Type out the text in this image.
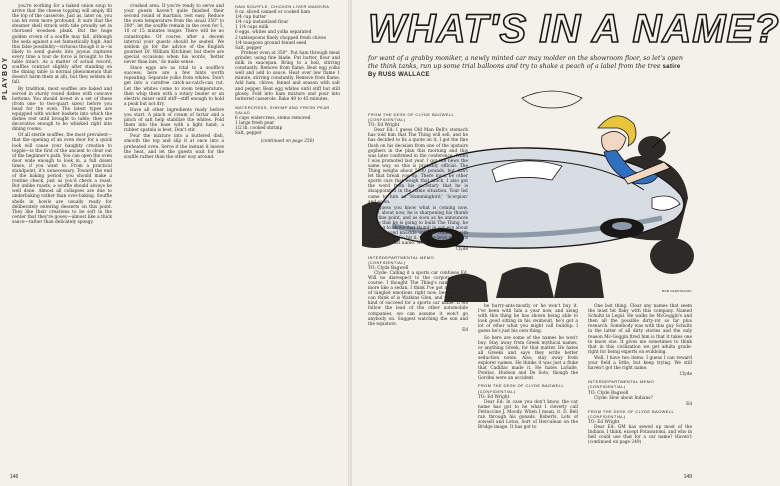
PLAYBOY

you're working for a baked onion soup to arrive that the cheese topping will amply fill the top of the casserole. Just as, later on, you can let even more profound. It sure that the steamer shell struck with tide proudly set in chorused woodsen plank. But the huge golden crown of a souffle may fall, although the soda against a set fantastically high. And this false possibility—virtuous though it is—is likely to send guests into joyous raptures every time a tour de force is brought to the table intact. As a matter of actual record, souffles contract slightly after standing on the dining table (a normal phenomenon that doesn't harm them at all), but they seldom do fall.

By tradition, most souffles are baked and served in sturdy round dishes with concave bottoms. You should invest in a set of these (from one- to two-quart sizes) before you head for the oven. The latest types are equipped with wicker baskets into which the dishes rest until brought to table; they are decorative enough to be whisked right into dining rooms.

Of all sterile souffles, the most prevalent—that the opening of an oven door for a quick look will cause your haughty creation to topple—is the first of the ancient to clear out of the beginner's path. You can open the oven door wide enough to look in, a full dozen times, if you want to. From a practical standpoint, it's unnecessary. Toward the end of the baking period, you should make a routine check, just as you'd check a roast. But unlike roasts, a souffle should always be well done. Almost all collapses are due to underbaking rather than over-baking. Souffle shells in bowls are usually ready for deliberately entering desserts on this point. They like their creations to be soft in the center that they're gooey—almost like a thick sauce—rather than delicately spongy.

crushed area. If you're ready to serve and your guests haven't quite finished their second round of martinis, rest easy. Reduce the oven temperature from the usual 350° to 200°; let the souffle remain in the oven for 5, 10 or 15 minutes longer. There will be no catastrophe. Of course, after a decent interval your guests should be seated. We seldom go for the advice of the English gourmet Dr. William Kitchiner, but there are special occasions when his words, 'better never than late,' do make sense.

Since eggs are as vital to a souffle's success, here are a few hints worth repeating: Separate yolks from whites. Don't get into a carefree catch-as-catch-can rut. Let the whites come to room temperature, then whip them with a rotary beater or an electric mixer until stiff—stiff enough to hold a peak but not dry.

Have all other ingredients ready before you start. A pinch of cream of tartar and a pinch of salt help stabilize the whites. Fold them into the base with a light hand; a rubber spatula is best. Don't stir.

Pour the mixture into a buttered dish, smooth the top and slip it at once into a preheated oven. Serve it the instant it leaves the heat, and let the guests wait for the souffle rather than the other way around.

HAM SOUFFLE, CHICKEN LIVER MADEIRA

8 oz. sliced canned or cooked ham
1/4 cup butter
1/4 cup instantized flour
1 1/4 cups milk
6 eggs, whites and yolks separated
2 tablespoons finely chopped fresh chives
1/4 teaspoon ground fennel seed
Salt, pepper

Preheat oven at 350°. Put ham through meat grinder, using fine blade. Put butter, flour and milk in saucepan. Bring to a boil, stirring constantly. Remove from flame. Beat egg yolks well and add to sauce. Heat over low flame 1 minute, stirring constantly. Remove from flame. Add ham, chives, fennel and season with salt and pepper. Beat egg whites until stiff but still glossy. Fold into ham mixture and pour into buttered casserole. Bake 40 to 45 minutes.

WATERCRESS, SHRIMP AND FRESH PEAR SALAD

6 cups watercress, stems removed
1 large fresh pear
1/2 lb. cooked shrimp
Salt, pepper

(continued on page 250)

146
WHAT'S IN A NAME?
for want of a grabby moniker, a newly minted car may molder on the showroom floor, so let's open the think tanks, run up some trial balloons and try to shake a peach of a label from the tree satire By RUSS WALLACE
BOB FERDINANDI

FROM THE DESK OF CLYDE BAGWELL (CONFIDENTIAL)

TO: Ed Wright

Dear Ed: I guess Old Man Bell's stomach has told him that The Thing will sell, and he has decided to fix a quote on it. I got the fine flush on his decision from one of the upstairs gophers in the plan this morning and this was later confirmed in the conference. When I was promoted last year, I got the news the same way, so this is probably official. The Thing weighs about 5000 pounds, but don't let that break you up. There must be other sports cars that weigh that much. I also got the word from his secretary that he is disappointed in the name situation. Your list came to him as 'Hummingbird,' 'Scorpion' and so on.

I guess you know what is coming now. Right about now, he is sharpening his thumb to a fine point, and as soon as he announces to me that he is going to build The Thing, he is going to shove that thumb in our eye about to the second knuckle until we come up with a name for it. So hit it. Get the boys and girls started on that name. Now.

Clyde

INTERDEPARTMENTAL MEMO (CONFIDENTIAL)

TO: Clyde Bagwell

Clyde: Calling it a sports car confuses Ed. Will no disrespect to the corporation, of course. I thought The Thing's name looked more like a sedan. I think I've got a bad case of tangled emotions right now, because all I can think of is Watkins Glen, and they never kind of succeed for a sports car name. If we follow the lead of the other automobile companies, we can assume it won't go anybody on. Suggest watching the sun and the equators.

Ed

be hurry-ants-mostly or he won't buy it. I've been with him a year now, and along with this thing he has shown being able to look good sitting in his swimsuit, he's got a lot of other what you might call buildup. I guess he's just his own thing.

So here are some of the names he won't buy. Stay away from Greek mythical names, or anything Greek, for that matter. He hates all Greeks and says they write better seduction notes. Also, stay away from explorer names. He thinks it was just a fluke that Cadillac made it. He hates LaSalle, Pontiac, Hudson and De Soto, though the Gordini were an accident.

FROM THE DESK OF CLYDE BAGWELL (CONFIDENTIAL)

TO: Ed Wright

Dear Ed: In case you don't know, the car name has got to be what I cleverly call Fettuccine J. Moody. When I mean, it. D. Bell ran through his gonads. Roberts, Lots of sowsell and Lotus, Sort of Herculean on the Bridge image. It has got to

One last thing. Clear any names that seem the least bit flaky with this company. Named Schultz in Legal. He walks he McGoggin's and then all the possible dirty-rot so far plus research. Somebody was with this guy Schultz in the latter of all dirty stories and the only reason Mc-Goggin fired him is that it takes one to know one. It gives me sometimes to think that in this civilization we get adults grade-right for being experts on evildoing.

Well, I have two items. I guess I can reward your field a little, but keep trying. We still haven't got the right name.

Clyde

INTERDEPARTMENTAL MEMO (CONFIDENTIAL)

TO: Clyde Bagwell

Clyde: How about Indians?

Ed

FROM THE DESK OF CLYDE BAGWELL (CONFIDENTIAL)

TO: Ed Wright

Dear Ed: GM has sewed up most of the Indians. I think, except Potawatomi, and who in hell could use that for a car name? Haven't (continued on page 249)

149
